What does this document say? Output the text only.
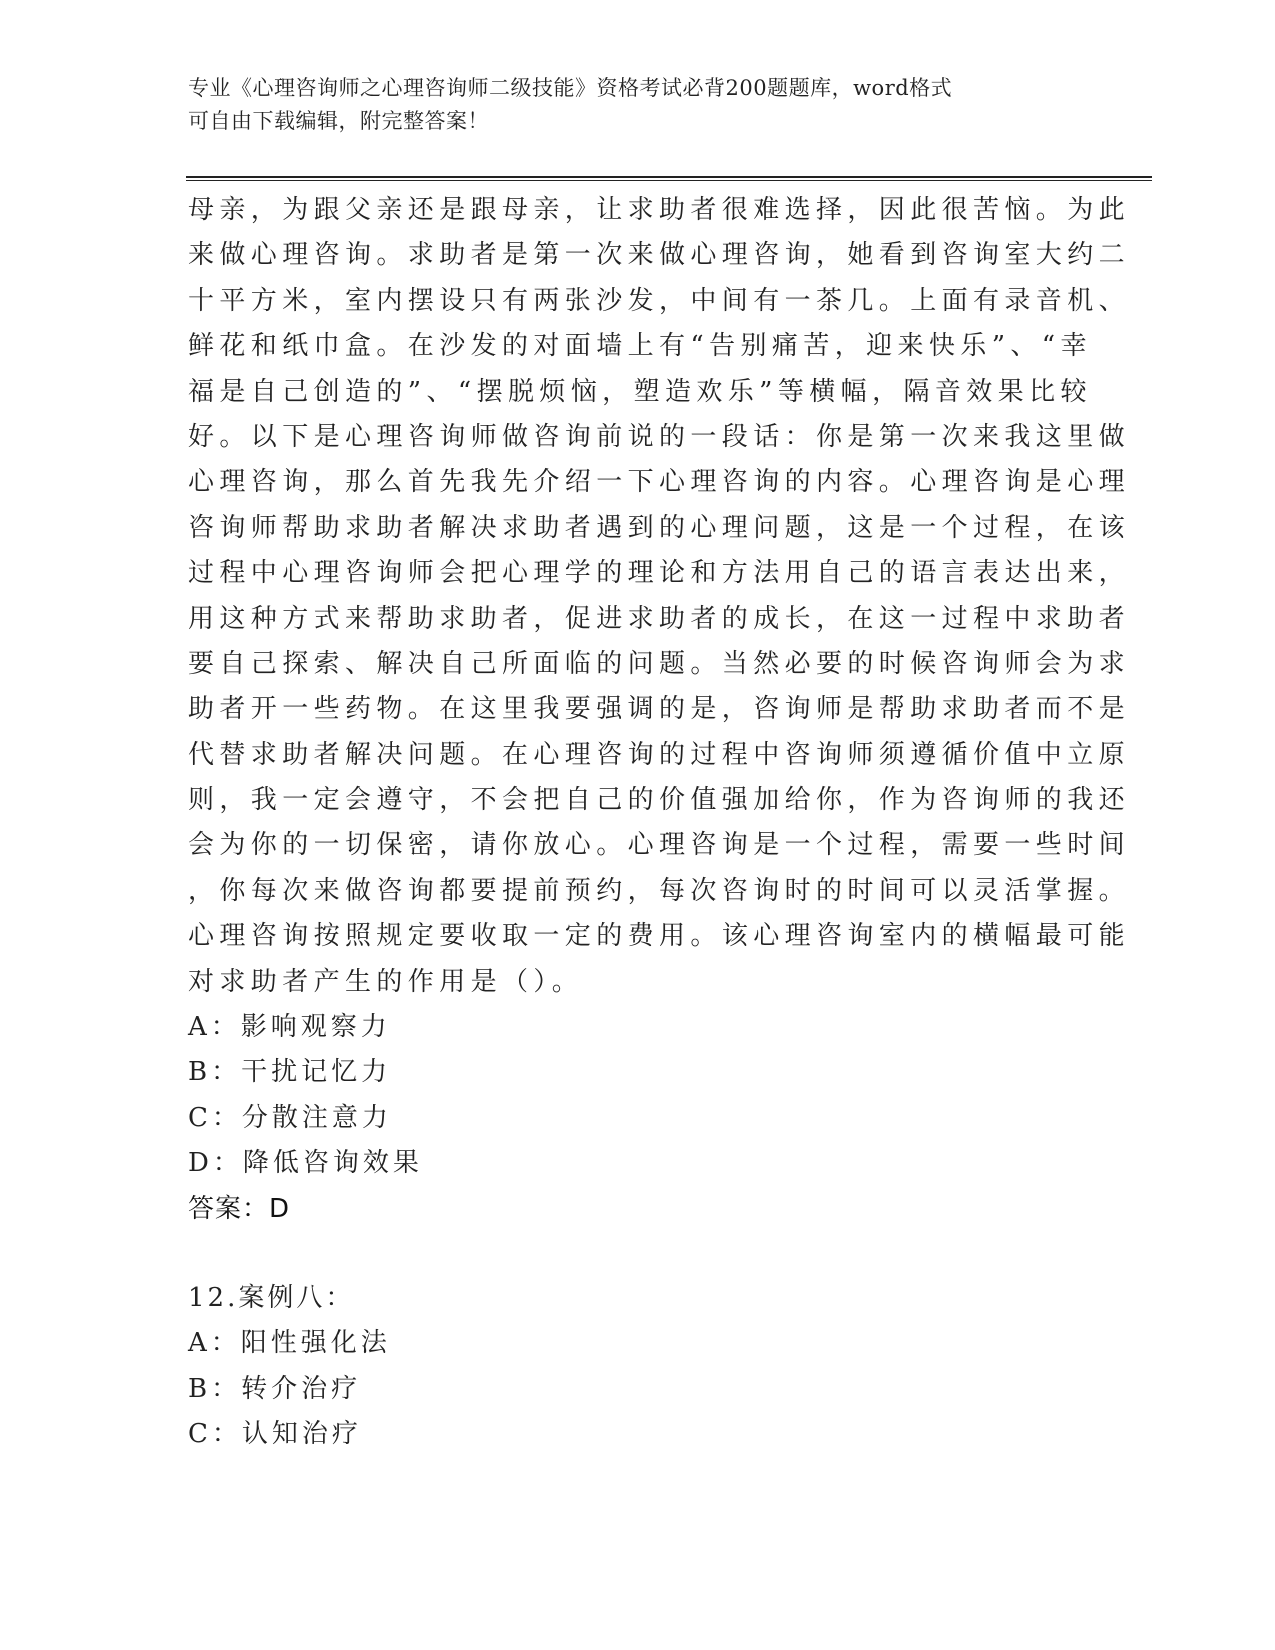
专业《心理咨询师之心理咨询师二级技能》资格考试必背200题题库，word格式
可自由下载编辑，附完整答案！
母亲，为跟父亲还是跟母亲，让求助者很难选择，因此很苦恼。为此
来做心理咨询。求助者是第一次来做心理咨询，她看到咨询室大约二
十平方米，室内摆设只有两张沙发，中间有一茶几。上面有录音机、
鲜花和纸巾盒。在沙发的对面墙上有“告别痛苦，迎来快乐”、“幸
福是自己创造的”、“摆脱烦恼，塑造欢乐”等横幅，隔音效果比较
好。以下是心理咨询师做咨询前说的一段话：你是第一次来我这里做
心理咨询，那么首先我先介绍一下心理咨询的内容。心理咨询是心理
咨询师帮助求助者解决求助者遇到的心理问题，这是一个过程，在该
过程中心理咨询师会把心理学的理论和方法用自己的语言表达出来，
用这种方式来帮助求助者，促进求助者的成长，在这一过程中求助者
要自己探索、解决自己所面临的问题。当然必要的时候咨询师会为求
助者开一些药物。在这里我要强调的是，咨询师是帮助求助者而不是
代替求助者解决问题。在心理咨询的过程中咨询师须遵循价值中立原
则，我一定会遵守，不会把自己的价值强加给你，作为咨询师的我还
会为你的一切保密，请你放心。心理咨询是一个过程，需要一些时间
，你每次来做咨询都要提前预约，每次咨询时的时间可以灵活掌握。
心理咨询按照规定要收取一定的费用。该心理咨询室内的横幅最可能
对求助者产生的作用是（）。
A：影响观察力
B：干扰记忆力
C：分散注意力
D：降低咨询效果
答案：D
12.案例八：
A：阳性强化法
B：转介治疗
C：认知治疗
